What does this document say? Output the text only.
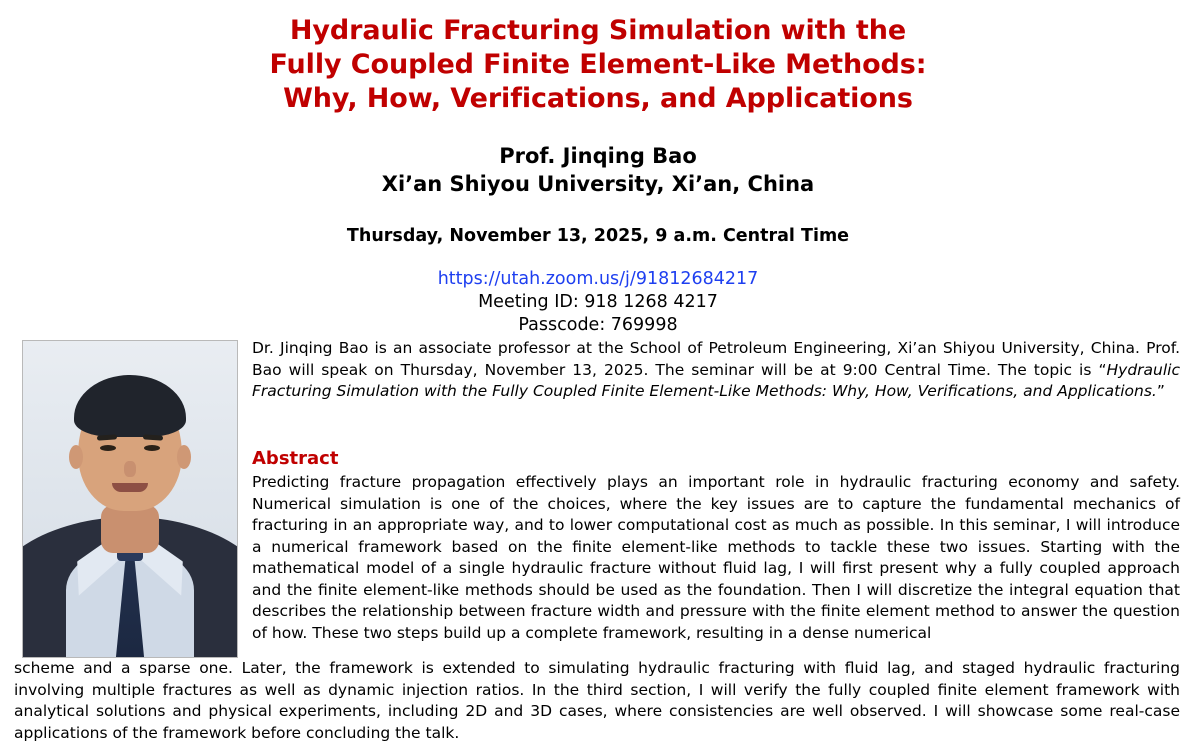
Hydraulic Fracturing Simulation with the
Fully Coupled Finite Element-Like Methods:
Why, How, Verifications, and Applications
Prof. Jinqing Bao
Xi’an Shiyou University, Xi’an, China
Thursday, November 13, 2025, 9 a.m. Central Time
https://utah.zoom.us/j/91812684217
Meeting ID: 918 1268 4217
Passcode: 769998
Dr. Jinqing Bao is an associate professor at the School of Petroleum Engineering, Xi’an Shiyou University, China. Prof. Bao will speak on Thursday, November 13, 2025. The seminar will be at 9:00 Central Time. The topic is “Hydraulic Fracturing Simulation with the Fully Coupled Finite Element-Like Methods: Why, How, Verifications, and Applications.”
Abstract
Predicting fracture propagation effectively plays an important role in hydraulic fracturing economy and safety. Numerical simulation is one of the choices, where the key issues are to capture the fundamental mechanics of fracturing in an appropriate way, and to lower computational cost as much as possible. In this seminar, I will introduce a numerical framework based on the finite element-like methods to tackle these two issues. Starting with the mathematical model of a single hydraulic fracture without fluid lag, I will first present why a fully coupled approach and the finite element-like methods should be used as the foundation. Then I will discretize the integral equation that describes the relationship between fracture width and pressure with the finite element method to answer the question of how. These two steps build up a complete framework, resulting in a dense numerical
scheme and a sparse one. Later, the framework is extended to simulating hydraulic fracturing with fluid lag, and staged hydraulic fracturing involving multiple fractures as well as dynamic injection ratios. In the third section, I will verify the fully coupled finite element framework with analytical solutions and physical experiments, including 2D and 3D cases, where consistencies are well observed. I will showcase some real-case applications of the framework before concluding the talk.
